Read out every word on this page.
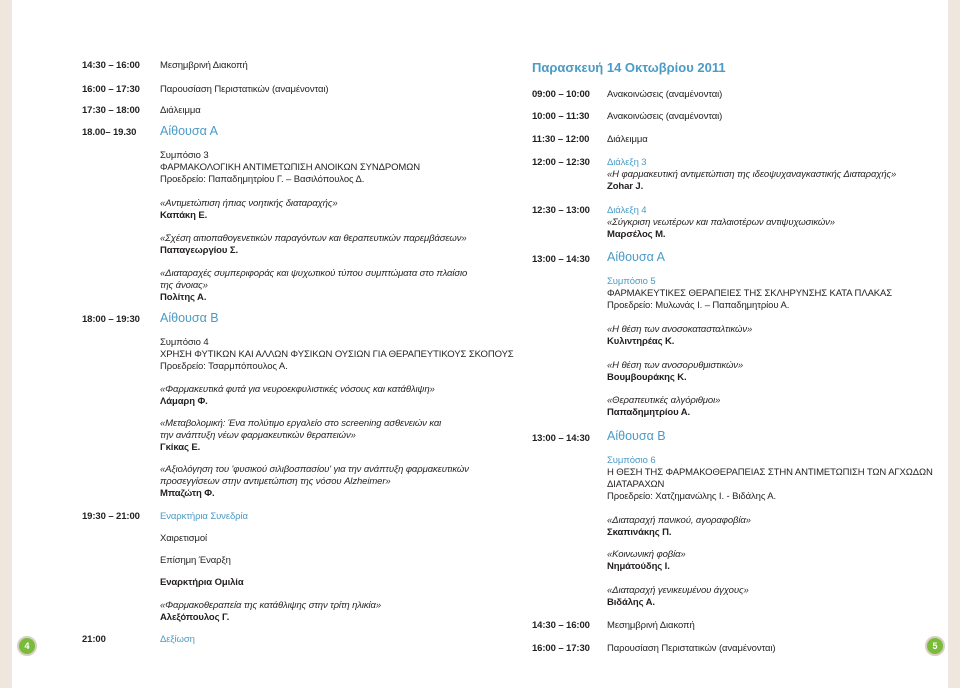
14:30 – 16:00 Μεσημβρινή Διακοπή
16:00 – 17:30 Παρουσίαση Περιστατικών (αναμένονται)
17:30 – 18:00 Διάλειμμα
18.00– 19.30 Αίθουσα Α
Συμπόσιο 3
ΦΑΡΜΑΚΟΛΟΓΙΚΗ ΑΝΤΙΜΕΤΩΠΙΣΗ ΑΝΟΙΚΩΝ ΣΥΝΔΡΟΜΩΝ
Προεδρείο: Παπαδημητρίου Γ. – Βασιλόπουλος Δ.
«Αντιμετώπιση ήπιας νοητικής διαταραχής»
Καπάκη Ε.
«Σχέση αιτιοπαθογενετικών παραγόντων και θεραπευτικών παρεμβάσεων»
Παπαγεωργίου Σ.
«Διαταραχές συμπεριφοράς και ψυχωτικού τύπου συμπτώματα στο πλαίσιο
της άνοιας»
Πολίτης Α.
18:00 – 19:30 Αίθουσα Β
Συμπόσιο 4
ΧΡΗΣΗ ΦΥΤΙΚΩΝ ΚΑΙ ΑΛΛΩΝ ΦΥΣΙΚΩΝ ΟΥΣΙΩΝ ΓΙΑ ΘΕΡΑΠΕΥΤΙΚΟΥΣ ΣΚΟΠΟΥΣ
Προεδρείο: Τσαρμπόπουλος Α.
«Φαρμακευτικά φυτά για νευροεκφυλιστικές νόσους και κατάθλιψη»
Λάμαρη Φ.
«Μεταβολομική: Ένα πολύτιμο εργαλείο στο screening ασθενειών και
την ανάπτυξη νέων φαρμακευτικών θεραπειών»
Γκίκας Ε.
«Αξιολόγηση του 'φυσικού σιλιβοσπασίου' για την ανάπτυξη φαρμακευτικών
προσεγγίσεων στην αντιμετώπιση της νόσου Alzheimer»
Μπαζώτη Φ.
19:30 – 21:00 Εναρκτήρια Συνεδρία
Χαιρετισμοί
Επίσημη Έναρξη
Εναρκτήρια Ομιλία
«Φαρμακοθεραπεία της κατάθλιψης στην τρίτη ηλικία»
Αλεξόπουλος Γ.
21:00	Δεξίωση
4
Παρασκευή 14 Οκτωβρίου 2011
09:00 – 10:00 Ανακοινώσεις (αναμένονται)
10:00 – 11:30 Ανακοινώσεις (αναμένονται)
11:30 – 12:00 Διάλειμμα
12:00 – 12:30 Διάλεξη 3
«Η φαρμακευτική αντιμετώπιση της ιδεοψυχαναγκαστικής Διαταραχής»
Zohar J.
12:30 – 13:00 Διάλεξη 4
«Σύγκριση νεωτέρων και παλαιοτέρων αντιψυχωσικών»
Μαρσέλος Μ.
13:00 – 14:30 Αίθουσα Α
Συμπόσιο 5
ΦΑΡΜΑΚΕΥΤΙΚΕΣ ΘΕΡΑΠΕΙΕΣ ΤΗΣ ΣΚΛΗΡΥΝΣΗΣ ΚΑΤΑ ΠΛΑΚΑΣ
Προεδρείο: Μυλωνάς Ι. – Παπαδημητρίου Α.
«Η θέση των ανοσοκατασταλτικών»
Κυλιντηρέας Κ.
«Η θέση των ανοσορυθμιστικών»
Βουμβουράκης Κ.
«Θεραπευτικές αλγόριθμοι»
Παπαδημητρίου Α.
13:00 – 14:30 Αίθουσα Β
Συμπόσιο 6
Η ΘΕΣΗ ΤΗΣ ΦΑΡΜΑΚΟΘΕΡΑΠΕΙΑΣ ΣΤΗΝ ΑΝΤΙΜΕΤΩΠΙΣΗ ΤΩΝ ΑΓΧΩΔΩΝ
ΔΙΑΤΑΡΑΧΩΝ
Προεδρείο: Χατζημανώλης Ι. - Βιδάλης Α.
«Διαταραχή πανικού, αγοραφοβία»
Σκαπινάκης Π.
«Κοινωνική φοβία»
Νημάτούδης Ι.
«Διαταραχή γενικευμένου άγχους»
Βιδάλης Α.
14:30 – 16:00 Μεσημβρινή Διακοπή
16:00 – 17:30 Παρουσίαση Περιστατικών (αναμένονται)	5
